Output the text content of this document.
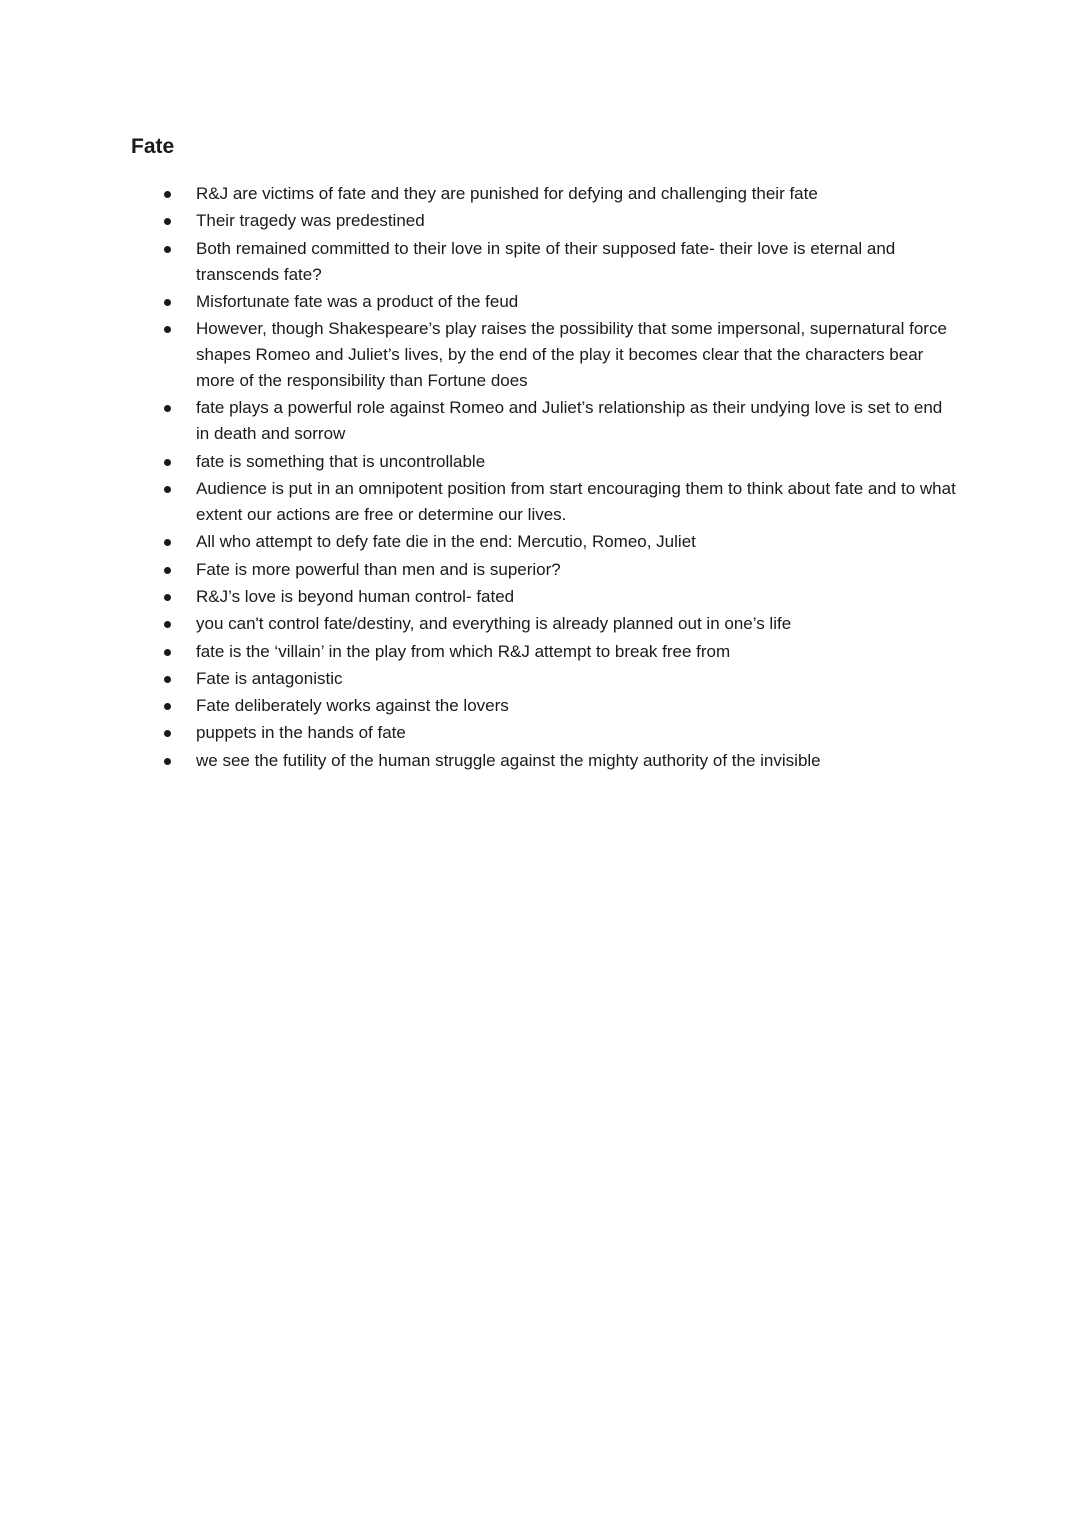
Fate
R&J are victims of fate and they are punished for defying and challenging their fate
Their tragedy was predestined
Both remained committed to their love in spite of their supposed fate- their love is eternal and transcends fate?
Misfortunate fate was a product of the feud
However, though Shakespeare’s play raises the possibility that some impersonal, supernatural force shapes Romeo and Juliet’s lives, by the end of the play it becomes clear that the characters bear more of the responsibility than Fortune does
fate plays a powerful role against Romeo and Juliet’s relationship as their undying love is set to end in death and sorrow
fate is something that is uncontrollable
Audience is put in an omnipotent position from start encouraging them to think about fate and to what extent our actions are free or determine our lives.
All who attempt to defy fate die in the end: Mercutio, Romeo, Juliet
Fate is more powerful than men and is superior?
R&J’s love is beyond human control- fated
you can't control fate/destiny, and everything is already planned out in one’s life
fate is the ‘villain’ in the play from which R&J attempt to break free from
Fate is antagonistic
Fate deliberately works against the lovers
puppets in the hands of fate
we see the futility of the human struggle against the mighty authority of the invisible
